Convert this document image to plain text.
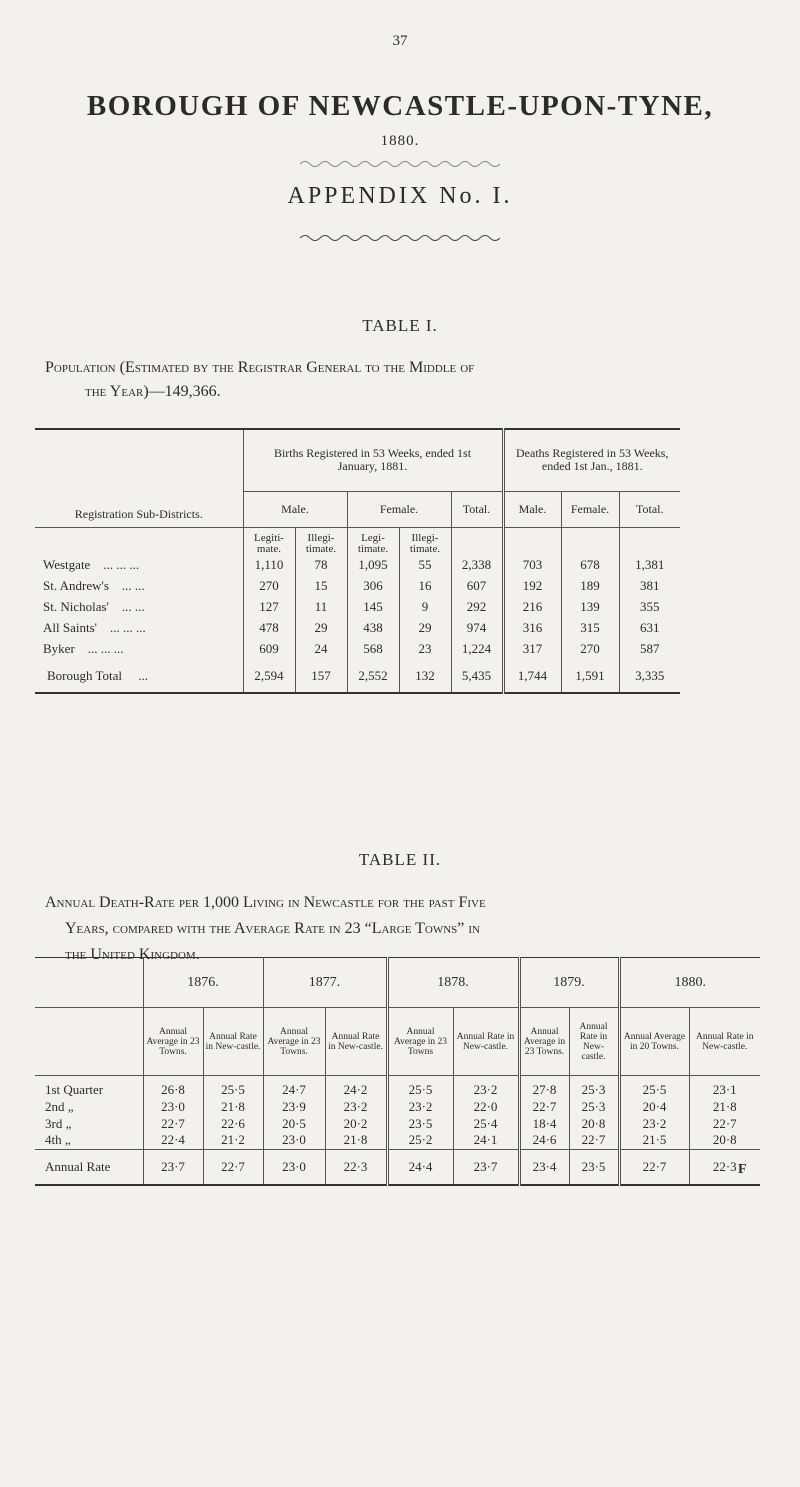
37
BOROUGH OF NEWCASTLE-UPON-TYNE,
1880.
APPENDIX No. I.
TABLE I.
Population (Estimated by the Registrar General to the Middle of
the Year)—149,366.
Registration Sub-Districts.	Births Registered in 53 Weeks, ended 1st January, 1881.					Deaths Registered in 53 Weeks, ended 1st Jan., 1881.		
	Male.		Female.		Total.	Male.	Female.	Total.
	Legiti-mate.	Illegi-timate.	Legi-timate.	Illegi-timate.				
Westgate ... ... ...	1,110	78	1,095	55	2,338	703	678	1,381
St. Andrew's ... ...	270	15	306	16	607	192	189	381
St. Nicholas' ... ...	127	11	145	9	292	216	139	355
All Saints' ... ... ...	478	29	438	29	974	316	315	631
Byker ... ... ...	609	24	568	23	1,224	317	270	587
Borough Total ...	2,594	157	2,552	132	5,435	1,744	1,591	3,335
TABLE II.
Annual Death-Rate per 1,000 Living in Newcastle for the past Five
Years, compared with the Average Rate in 23 “Large Towns” in
the United Kingdom.
	1876.		1877.		1878.		1879.		1880.	
	Annual Average in 23 Towns.	Annual Rate in New-castle.	Annual Average in 23 Towns.	Annual Rate in New-castle.	Annual Average in 23 Towns	Annual Rate in New-castle.	Annual Average in 23 Towns.	Annual Rate in New-castle.	Annual Average in 20 Towns.	Annual Rate in New-castle.
1st Quarter	26·8	25·5	24·7	24·2	25·5	23·2	27·8	25·3	25·5	23·1
2nd „	23·0	21·8	23·9	23·2	23·2	22·0	22·7	25·3	20·4	21·8
3rd „	22·7	22·6	20·5	20·2	23·5	25·4	18·4	20·8	23·2	22·7
4th „	22·4	21·2	23·0	21·8	25·2	24·1	24·6	22·7	21·5	20·8
Annual Rate	23·7	22·7	23·0	22·3	24·4	23·7	23·4	23·5	22·7	22·3 F
